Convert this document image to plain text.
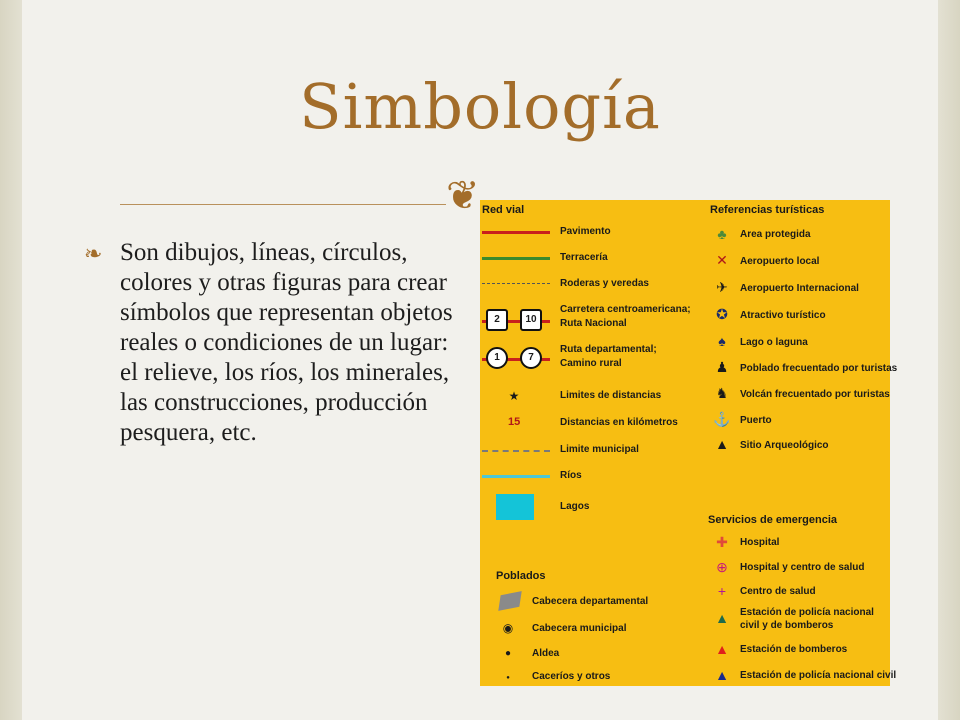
Simbología
❦
❧ Son dibujos, líneas, círculos, colores y otras figuras para crear símbolos que representan objetos reales o condiciones de un lugar: el relieve, los ríos, los minerales, las construcciones, producción pesquera, etc.
Red vial
Pavimento
Terracería
Roderas y veredas
2	10
Carretera centroamericana;
Ruta Nacional
1	7
Ruta departamental;
Camino rural
★	Limites de distancias
15	Distancias en kilómetros
Limite municipal
Ríos
Lagos
Poblados
Cabecera departamental
◉	Cabecera municipal
●	Aldea
●	Caceríos y otros
Referencias turísticas
♣	Area protegida
✕	Aeropuerto local
✈	Aeropuerto Internacional
✪	Atractivo turístico
♠	Lago o laguna
♟	Poblado frecuentado por turistas
♞	Volcán frecuentado por turistas
⚓ Puerto
▲	Sitio Arqueológico
Servicios de emergencia
✚	Hospital
⊕	Hospital y centro de salud
+	Centro de salud
▲	Estación de policía nacional
civil y de bomberos
▲	Estación de bomberos
▲	Estación de policía nacional civil
